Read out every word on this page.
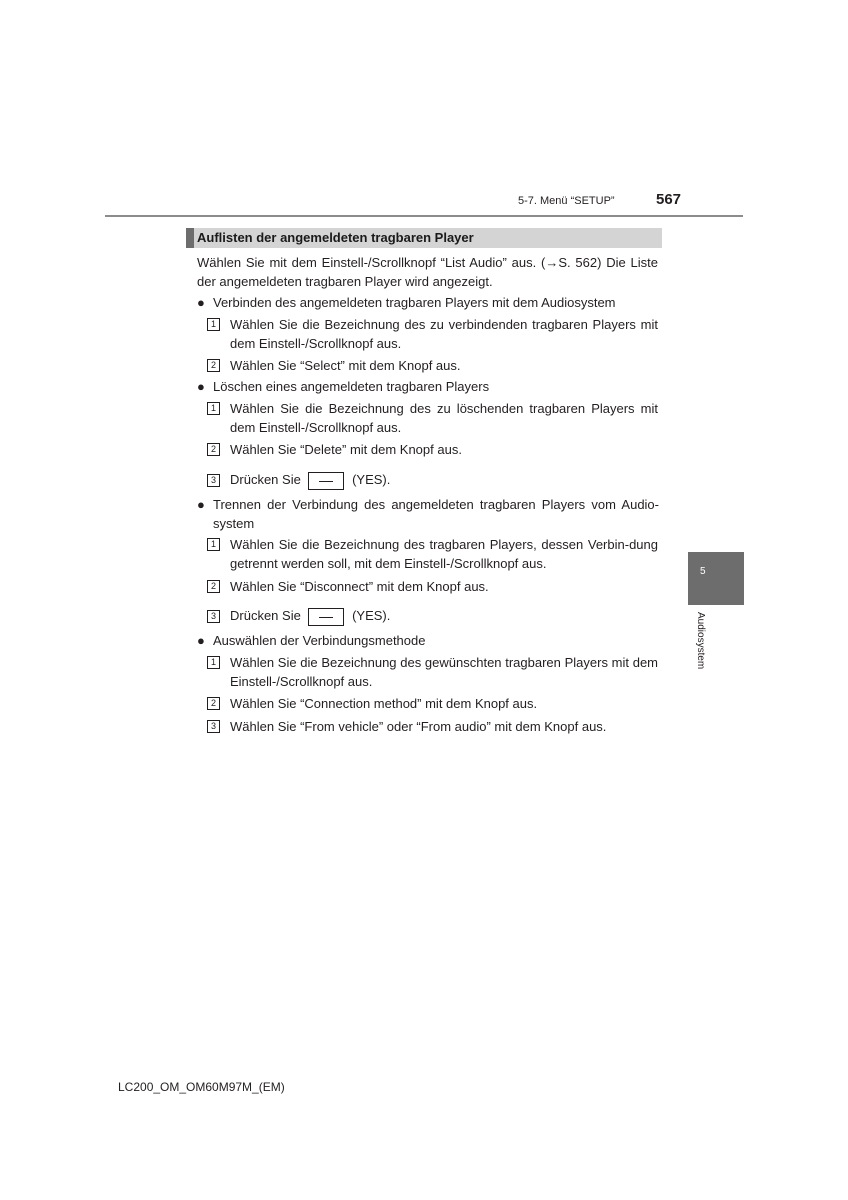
5-7. Menü “SETUP”	567
Auflisten der angemeldeten tragbaren Player
Wählen Sie mit dem Einstell-/Scrollknopf “List Audio” aus. (→S. 562) Die Liste der angemeldeten tragbaren Player wird angezeigt.
● Verbinden des angemeldeten tragbaren Players mit dem Audiosystem
1	Wählen Sie die Bezeichnung des zu verbindenden tragbaren Players mit dem Einstell-/Scrollknopf aus.
2	Wählen Sie “Select” mit dem Knopf aus.
● Löschen eines angemeldeten tragbaren Players
1	Wählen Sie die Bezeichnung des zu löschenden tragbaren Players mit dem Einstell-/Scrollknopf aus.
2	Wählen Sie “Delete” mit dem Knopf aus.
3	Drücken Sie	(YES).
● Trennen der Verbindung des angemeldeten tragbaren Players vom Audio-system
1	Wählen Sie die Bezeichnung des tragbaren Players, dessen Verbin-dung getrennt werden soll, mit dem Einstell-/Scrollknopf aus.
2	Wählen Sie “Disconnect” mit dem Knopf aus.
3	Drücken Sie	(YES).
● Auswählen der Verbindungsmethode
1	Wählen Sie die Bezeichnung des gewünschten tragbaren Players mit dem Einstell-/Scrollknopf aus.
2	Wählen Sie “Connection method” mit dem Knopf aus.
3	Wählen Sie “From vehicle” oder “From audio” mit dem Knopf aus.
5
Audiosystem
LC200_OM_OM60M97M_(EM)
